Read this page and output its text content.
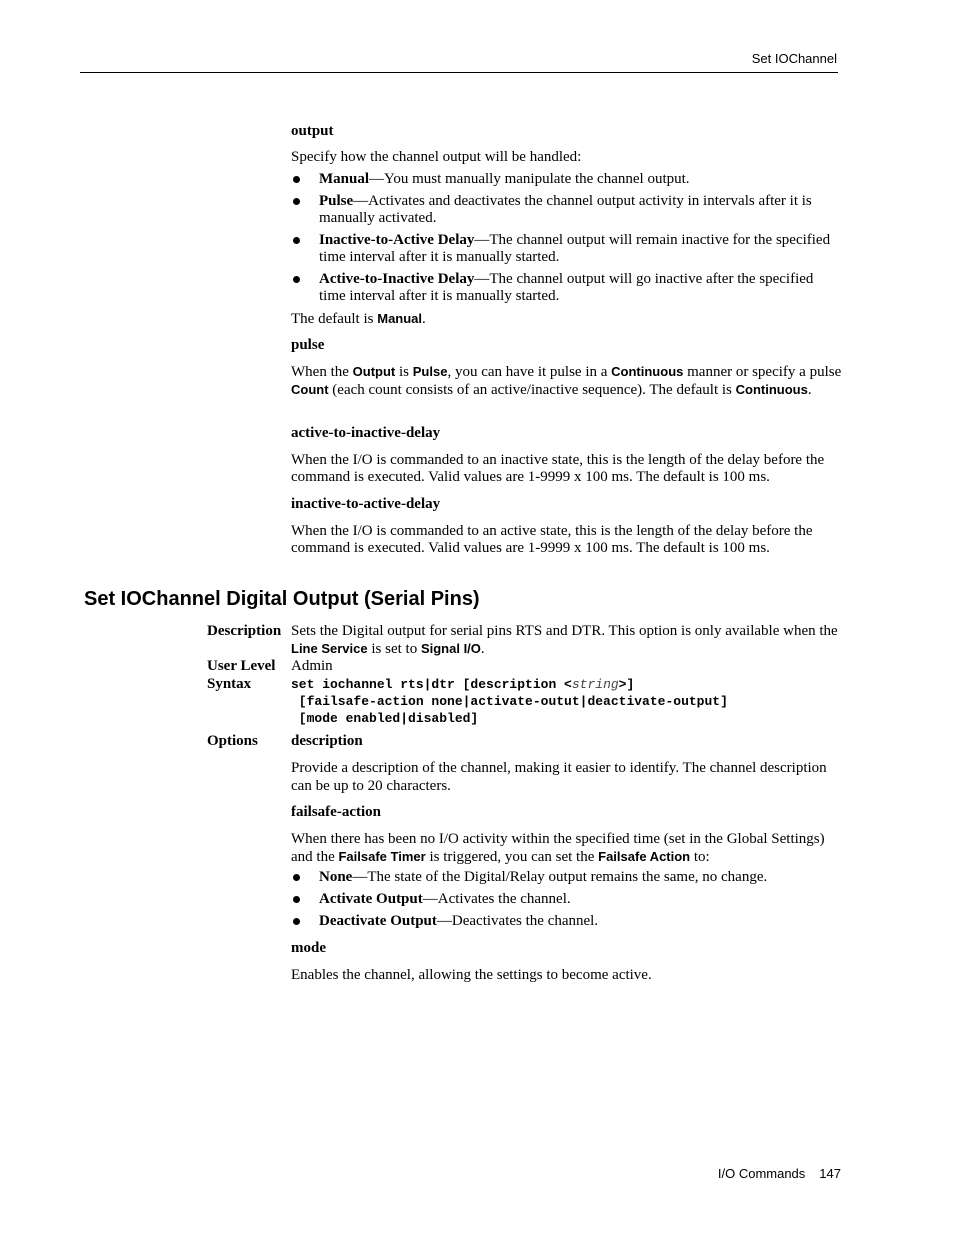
Set IOChannel
output
Specify how the channel output will be handled:
Manual—You must manually manipulate the channel output.
Pulse—Activates and deactivates the channel output activity in intervals after it is manually activated.
Inactive-to-Active Delay—The channel output will remain inactive for the specified time interval after it is manually started.
Active-to-Inactive Delay—The channel output will go inactive after the specified time interval after it is manually started.
The default is Manual.
pulse
When the Output is Pulse, you can have it pulse in a Continuous manner or specify a pulse Count (each count consists of an active/inactive sequence). The default is Continuous.
active-to-inactive-delay
When the I/O is commanded to an inactive state, this is the length of the delay before the command is executed. Valid values are 1-9999 x 100 ms. The default is 100 ms.
inactive-to-active-delay
When the I/O is commanded to an active state, this is the length of the delay before the command is executed. Valid values are 1-9999 x 100 ms. The default is 100 ms.
Set IOChannel Digital Output (Serial Pins)
Description Sets the Digital output for serial pins RTS and DTR. This option is only available when the Line Service is set to Signal I/O.
User Level Admin
Syntax	set iochannel rts|dtr [description <string>]
[failsafe-action none|activate-outut|deactivate-output]
[mode enabled|disabled]
Options description
Provide a description of the channel, making it easier to identify. The channel description can be up to 20 characters.
failsafe-action
When there has been no I/O activity within the specified time (set in the Global Settings) and the Failsafe Timer is triggered, you can set the Failsafe Action to:
None—The state of the Digital/Relay output remains the same, no change.
Activate Output—Activates the channel.
Deactivate Output—Deactivates the channel.
mode
Enables the channel, allowing the settings to become active.
I/O Commands 147
